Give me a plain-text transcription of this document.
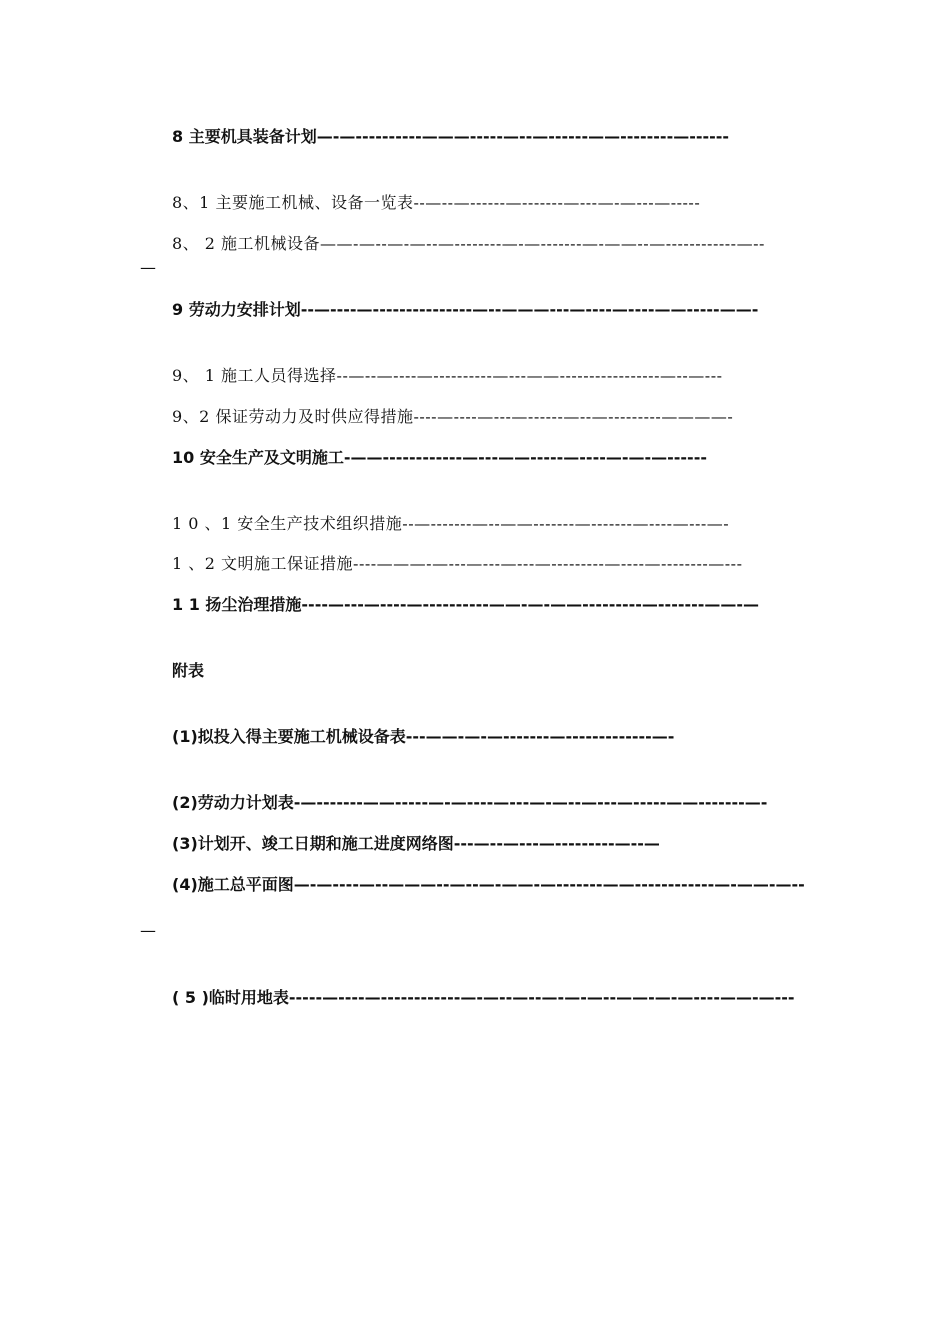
8 主要机具装备计划—-—----------———-----—--—------——--------—------
8、1 主要施工机械、设备一览表--—--—------—-------—---—-—---—-----
8、 2 施工机械设备——-—--—-—--—--------—-—-------—-——--—------------—--
—
9 劳动力安排计划--—----—---------------—--———---—----—----——-----——-
9、 1 施工人员得选择--—--—----—----------—---——-----------------—--—---
9、2 保证劳动力及时供应得措施----—----—---—------—--—---------————-
10 安全生产及文明施工-——------------—---——-----—----—-—-—------
1 0 、1 安全生产技术组织措施--—-------—--——-------—-------—----—---—-
1 、2 文明施工保证措施----———-—---—---—---—---------—----—--------—---
1 1 扬尘治理措施----—---—----—----------——-—-——---------—-------——-—
附表
(1)拟投入得主要施工机械设备表---——-—-—-------—-------------—-
(2)劳动力计划表-—-------——-----—-—----—---—-—--—---—-----——-------—-
(3)计划开、竣工日期和施工进度网络图---—--—---—---------—--—
(4)施工总平面图—-—----—--———--—--—-——-—-------——------------—-——-—--
—
( 5 )临时用地表-----—----—------------—-—--—--—-—-—--——-—-—----——-—---
